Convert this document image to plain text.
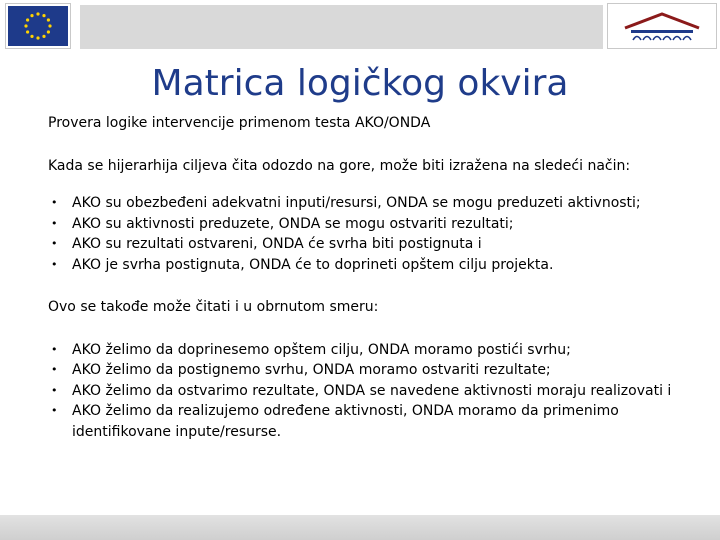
Matrica logičkog okvira

Provera logike intervencije primenom testa AKO/ONDA

Kada se hijerarhija ciljeva čita odozdo na gore, može biti izražena na sledeći način:

• AKO su obezbeđeni adekvatni inputi/resursi, ONDA se mogu preduzeti aktivnosti;
• AKO su aktivnosti preduzete, ONDA se mogu ostvariti rezultati;
• AKO su rezultati ostvareni, ONDA će svrha biti postignuta i
• AKO je svrha postignuta, ONDA će to doprineti opštem cilju projekta.

Ovo se takođe može čitati i u obrnutom smeru:

• AKO želimo da doprinesemo opštem cilju, ONDA moramo postići svrhu;
• AKO želimo da postignemo svrhu, ONDA moramo ostvariti rezultate;
• AKO želimo da ostvarimo rezultate, ONDA se navedene aktivnosti moraju realizovati i
• AKO želimo da realizujemo određene aktivnosti, ONDA moramo da primenimo identifikovane inpute/resurse.
